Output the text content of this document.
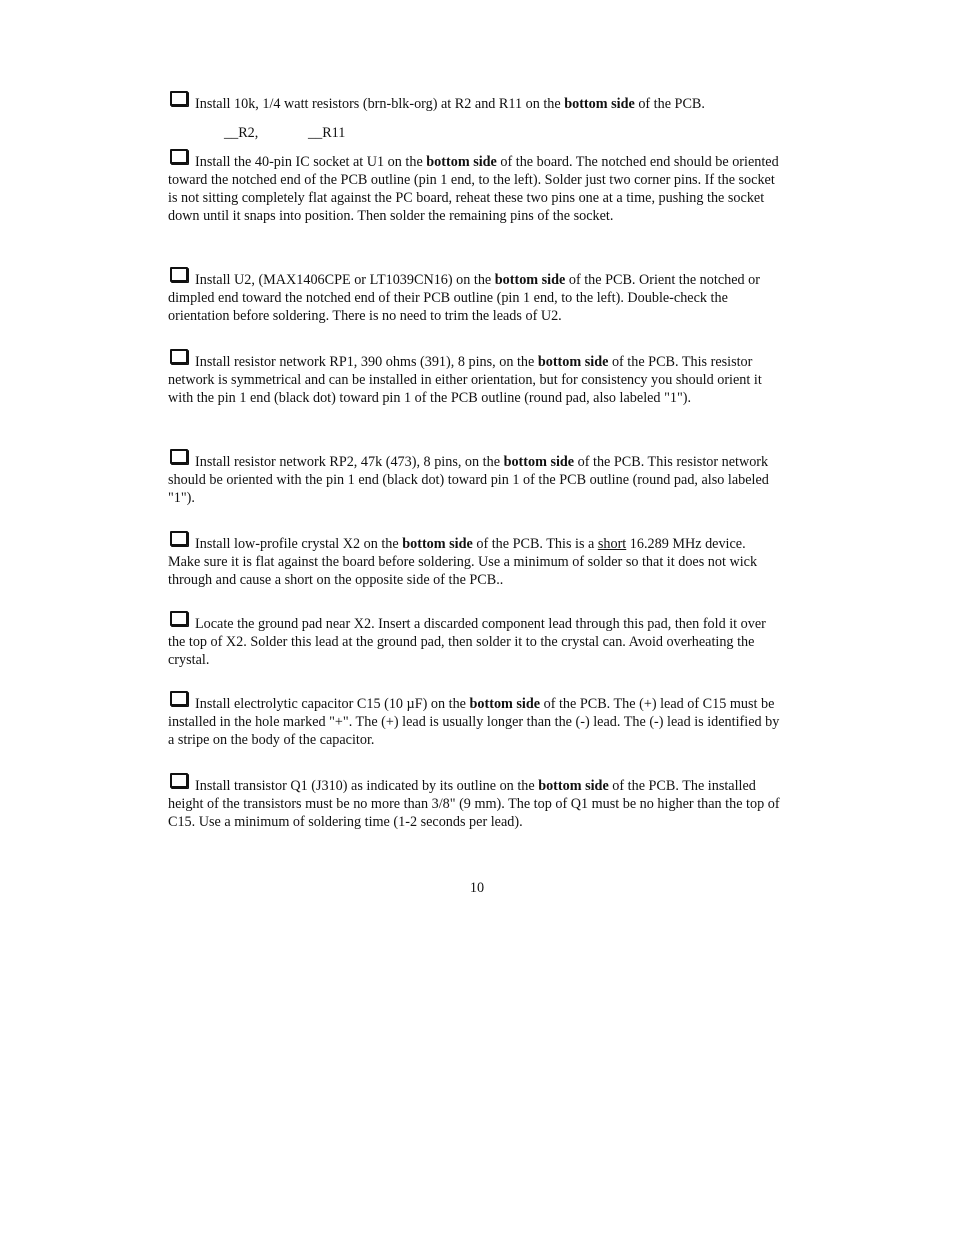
Install 10k, 1/4 watt resistors (brn-blk-org) at R2 and R11 on the bottom side of the PCB.
__R2,	__R11
Install the 40-pin IC socket at U1 on the bottom side of the board. The notched end should be oriented toward the notched end of the PCB outline (pin 1 end, to the left). Solder just two corner pins. If the socket is not sitting completely flat against the PC board, reheat these two pins one at a time, pushing the socket down until it snaps into position. Then solder the remaining pins of the socket.
Install U2, (MAX1406CPE or LT1039CN16) on the bottom side of the PCB. Orient the notched or dimpled end toward the notched end of their PCB outline (pin 1 end, to the left). Double-check the orientation before soldering. There is no need to trim the leads of U2.
Install resistor network RP1, 390 ohms (391), 8 pins, on the bottom side of the PCB. This resistor network is symmetrical and can be installed in either orientation, but for consistency you should orient it with the pin 1 end (black dot) toward pin 1 of the PCB outline (round pad, also labeled "1").
Install resistor network RP2, 47k (473), 8 pins, on the bottom side of the PCB. This resistor network should be oriented with the pin 1 end (black dot) toward pin 1 of the PCB outline (round pad, also labeled "1").
Install low-profile crystal X2 on the bottom side of the PCB. This is a short 16.289 MHz device. Make sure it is flat against the board before soldering. Use a minimum of solder so that it does not wick through and cause a short on the opposite side of the PCB..
Locate the ground pad near X2. Insert a discarded component lead through this pad, then fold it over the top of X2. Solder this lead at the ground pad, then solder it to the crystal can. Avoid overheating the crystal.
Install electrolytic capacitor C15 (10 µF) on the bottom side of the PCB. The (+) lead of C15 must be installed in the hole marked "+". The (+) lead is usually longer than the (-) lead. The (-) lead is identified by a stripe on the body of the capacitor.
Install transistor Q1 (J310) as indicated by its outline on the bottom side of the PCB. The installed height of the transistors must be no more than 3/8" (9 mm). The top of Q1 must be no higher than the top of C15. Use a minimum of soldering time (1-2 seconds per lead).
10
